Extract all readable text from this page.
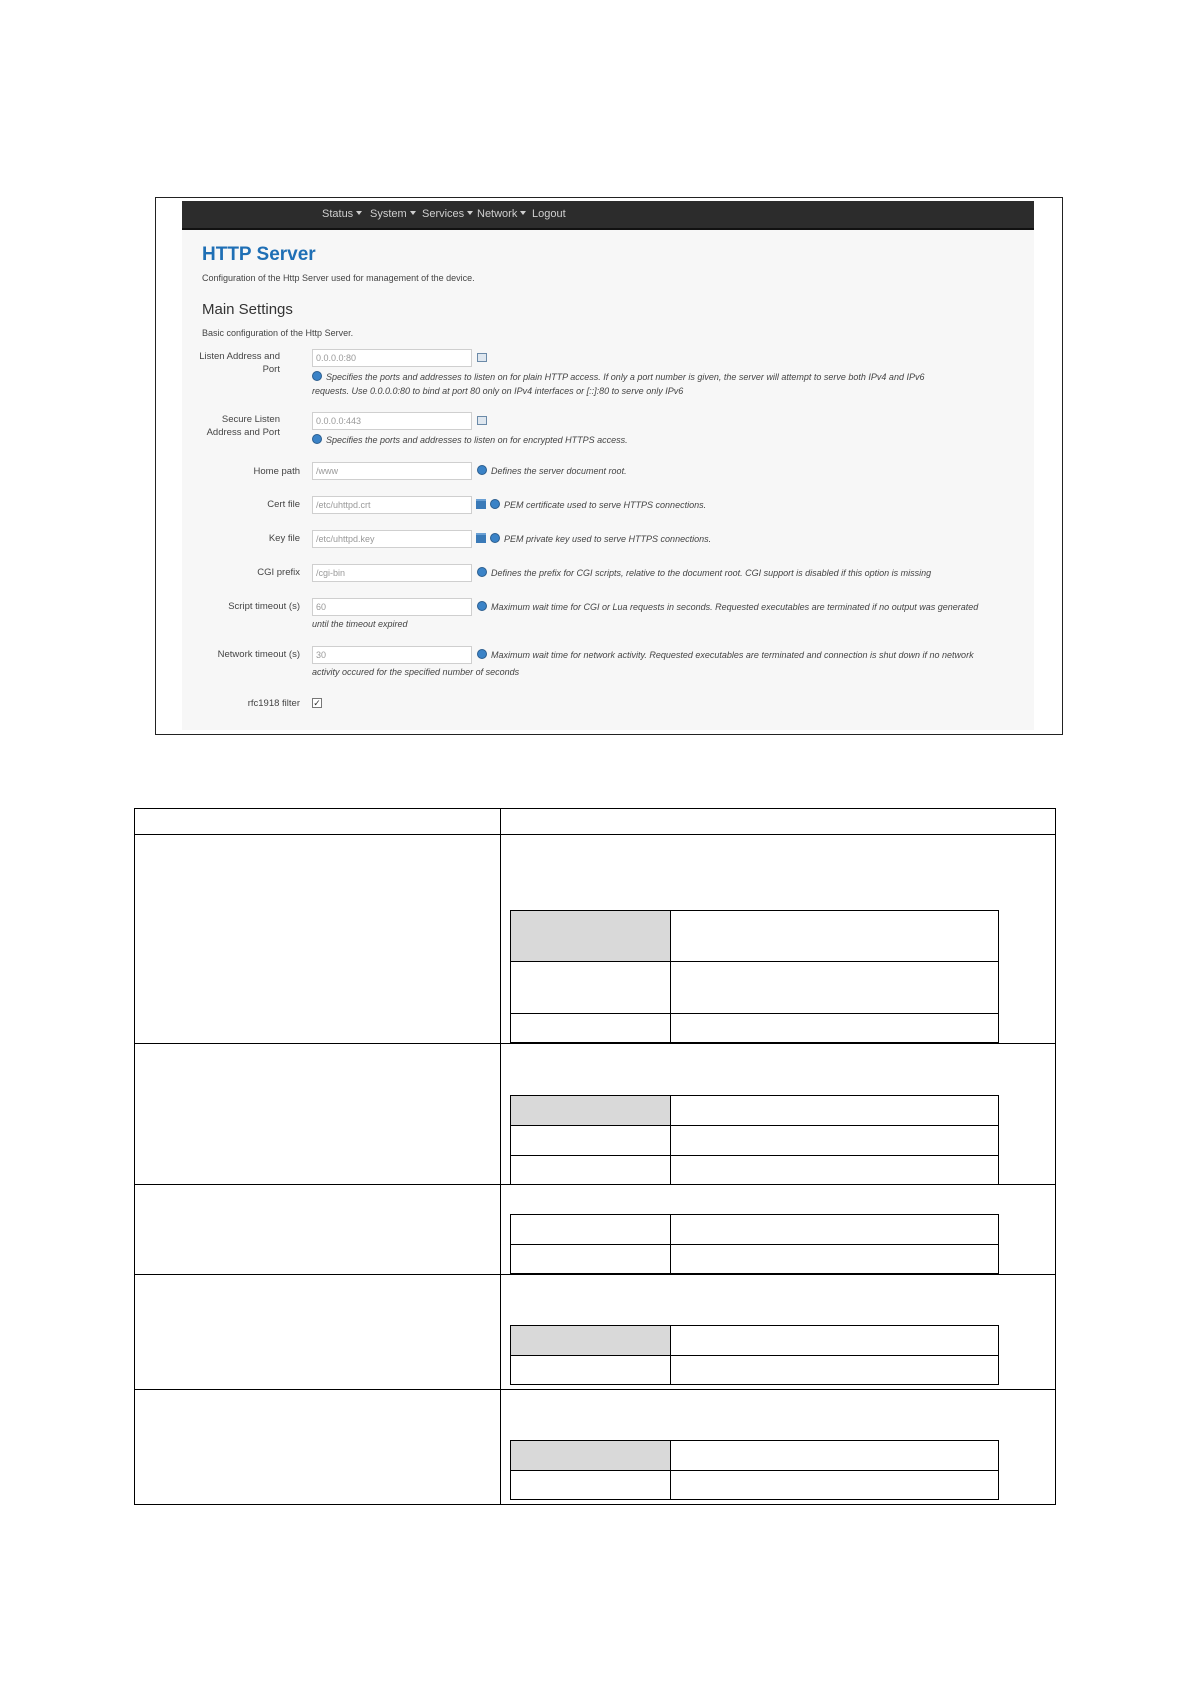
Status	System	Services	Network	Logout
HTTP Server
Configuration of the Http Server used for management of the device.
Main Settings
Basic configuration of the Http Server.
Listen Address and Port
0.0.0.0:80
Specifies the ports and addresses to listen on for plain HTTP access. If only a port number is given, the server will attempt to serve both IPv4 and IPv6
requests. Use 0.0.0.0:80 to bind at port 80 only on IPv4 interfaces or [::]:80 to serve only IPv6
Secure Listen Address and Port
0.0.0.0:443
Specifies the ports and addresses to listen on for encrypted HTTPS access.
Home path
/www	Defines the server document root.
Cert file
/etc/uhttpd.crt	PEM certificate used to serve HTTPS connections.
Key file
/etc/uhttpd.key	PEM private key used to serve HTTPS connections.
CGI prefix
/cgi-bin	Defines the prefix for CGI scripts, relative to the document root. CGI support is disabled if this option is missing
Script timeout (s)
60	Maximum wait time for CGI or Lua requests in seconds. Requested executables are terminated if no output was generated
until the timeout expired
Network timeout (s)
30	Maximum wait time for network activity. Requested executables are terminated and connection is shut down if no network
activity occured for the specified number of seconds
rfc1918 filter ✓
